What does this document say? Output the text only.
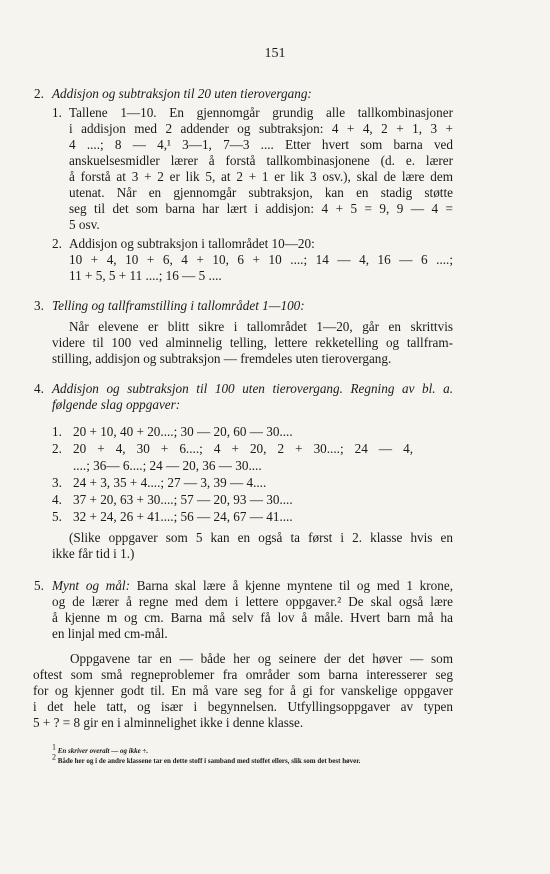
151
2. Addisjon og subtraksjon til 20 uten tierovergang:
1. Tallene 1—10. En gjennomgår grundig alle tallkombinasjoner
i addisjon med 2 addender og subtraksjon: 4 + 4, 2 + 1, 3 +
4 ....; 8 — 4,¹ 3—1, 7—3 .... Etter hvert som barna ved
anskuelsesmidler lærer å forstå tallkombinasjonene (d. e. lærer
å forstå at 3 + 2 er lik 5, at 2 + 1 er lik 3 osv.), skal de lære dem
utenat. Når en gjennomgår subtraksjon, kan en stadig støtte
seg til det som barna har lært i addisjon: 4 + 5 = 9, 9 — 4 =
5 osv.
2. Addisjon og subtraksjon i tallområdet 10—20:
10 + 4, 10 + 6, 4 + 10, 6 + 10 ....; 14 — 4, 16 — 6 ....;
11 + 5, 5 + 11 ....; 16 — 5 ....
3. Telling og tallframstilling i tallområdet 1—100:
Når elevene er blitt sikre i tallområdet 1—20, går en skrittvis
videre til 100 ved alminnelig telling, lettere rekketelling og tallfram-
stilling, addisjon og subtraksjon — fremdeles uten tierovergang.
4. Addisjon og subtraksjon til 100 uten tierovergang. Regning av bl. a.
følgende slag oppgaver:
1. 20 + 10, 40 + 20....; 30 — 20, 60 — 30....
2. 20 + 4, 30 + 6....; 4 + 20, 2 + 30....; 24 — 4,
....; 36— 6....; 24 — 20, 36 — 30....
3. 24 + 3, 35 + 4....; 27 — 3, 39 — 4....
4. 37 + 20, 63 + 30....; 57 — 20, 93 — 30....
5. 32 + 24, 26 + 41....; 56 — 24, 67 — 41....
(Slike oppgaver som 5 kan en også ta først i 2. klasse hvis en
ikke får tid i 1.)
5. Mynt og mål: Barna skal lære å kjenne myntene til og med 1 krone,
og de lærer å regne med dem i lettere oppgaver.² De skal også lære
å kjenne m og cm. Barna må selv få lov å måle. Hvert barn må ha
en linjal med cm-mål.
Oppgavene tar en — både her og seinere der det høver — som
oftest som små regneproblemer fra områder som barna interesserer seg
for og kjenner godt til. En må vare seg for å gi for vanskelige oppgaver
i det hele tatt, og især i begynnelsen. Utfyllingsoppgaver av typen
5 + ? = 8 gir en i alminnelighet ikke i denne klasse.
$^1$ En skriver overalt — og ikke ÷.
$^2$ Både her og i de andre klassene tar en dette stoff i samband med stoffet ellers, slik som det best høver.
